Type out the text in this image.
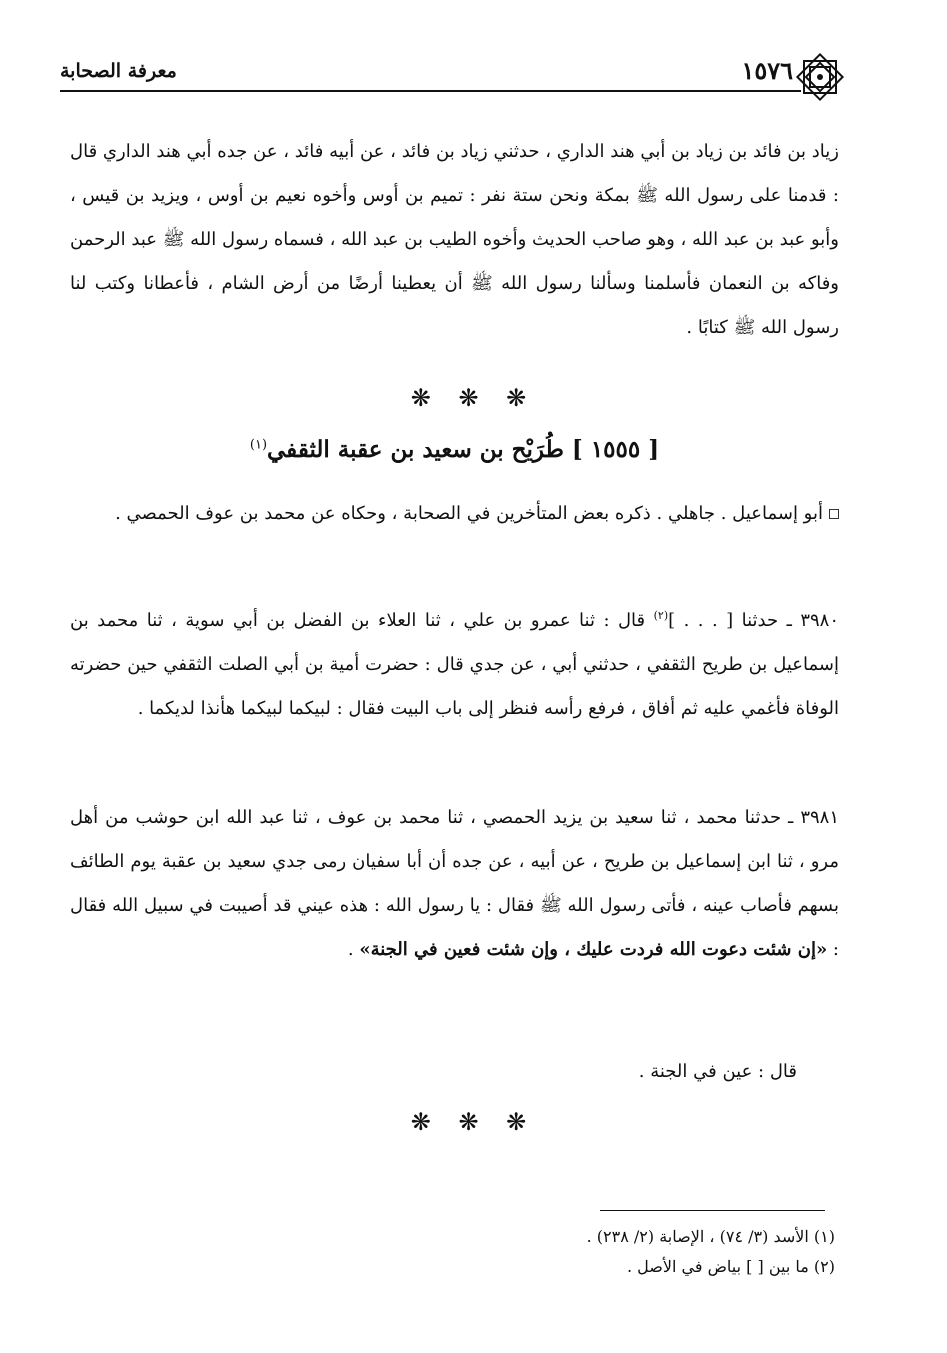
معرفة الصحابة	١٥٧٦
زياد بن فائد بن زياد بن أبي هند الداري ، حدثني زياد بن فائد ، عن أبيه فائد ، عن جده أبي هند الداري قال : قدمنا على رسول الله ﷺ بمكة ونحن ستة نفر : تميم بن أوس وأخوه نعيم بن أوس ، ويزيد بن قيس ، وأبو عبد بن عبد الله ، وهو صاحب الحديث وأخوه الطيب بن عبد الله ، فسماه رسول الله ﷺ عبد الرحمن وفاكه بن النعمان فأسلمنا وسألنا رسول الله ﷺ أن يعطينا أرضًا من أرض الشام ، فأعطانا وكتب لنا رسول الله ﷺ كتابًا .
❋ ❋ ❋
[ ١٥٥٥ ] طُرَيْح بن سعيد بن عقبة الثقفي$^{(١)}$
أبو إسماعيل . جاهلي . ذكره بعض المتأخرين في الصحابة ، وحكاه عن محمد بن عوف الحمصي .
٣٩٨٠ ـ حدثنا [ . . . ]$^{(٢)}$ قال : ثنا عمرو بن علي ، ثنا العلاء بن الفضل بن أبي سوية ، ثنا محمد بن إسماعيل بن طريح الثقفي ، حدثني أبي ، عن جدي قال : حضرت أمية بن أبي الصلت الثقفي حين حضرته الوفاة فأغمي عليه ثم أفاق ، فرفع رأسه فنظر إلى باب البيت فقال : لبيكما لبيكما هأنذا لديكما .
٣٩٨١ ـ حدثنا محمد ، ثنا سعيد بن يزيد الحمصي ، ثنا محمد بن عوف ، ثنا عبد الله ابن حوشب من أهل مرو ، ثنا ابن إسماعيل بن طريح ، عن أبيه ، عن جده أن أبا سفيان رمى جدي سعيد بن عقبة يوم الطائف بسهم فأصاب عينه ، فأتى رسول الله ﷺ فقال : يا رسول الله : هذه عيني قد أصيبت في سبيل الله فقال : «إن شئت دعوت الله فردت عليك ، وإن شئت فعين في الجنة» .
قال : عين في الجنة .
❋ ❋ ❋
(١) الأسد (٣/ ٧٤) ، الإصابة (٢/ ٢٣٨) .
(٢) ما بين [ ] بياض في الأصل .
